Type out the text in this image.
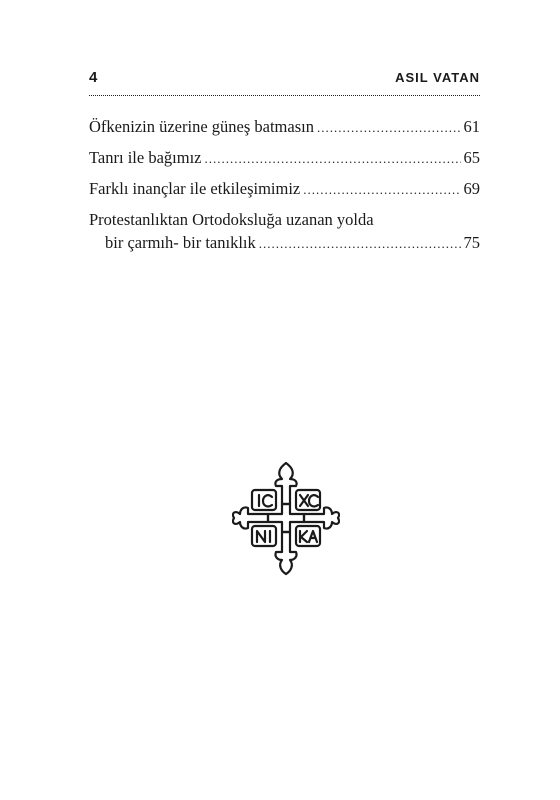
4	ASIL VATAN
Öfkenizin üzerine güneş batmasın .....	61
Tanrı ile bağımız .....	65
Farklı inançlar ile etkileşimimiz .....	69
Protestanlıktan Ortodoksluğa uzanan yolda
bir çarmıh- bir tanıklık .....	75
